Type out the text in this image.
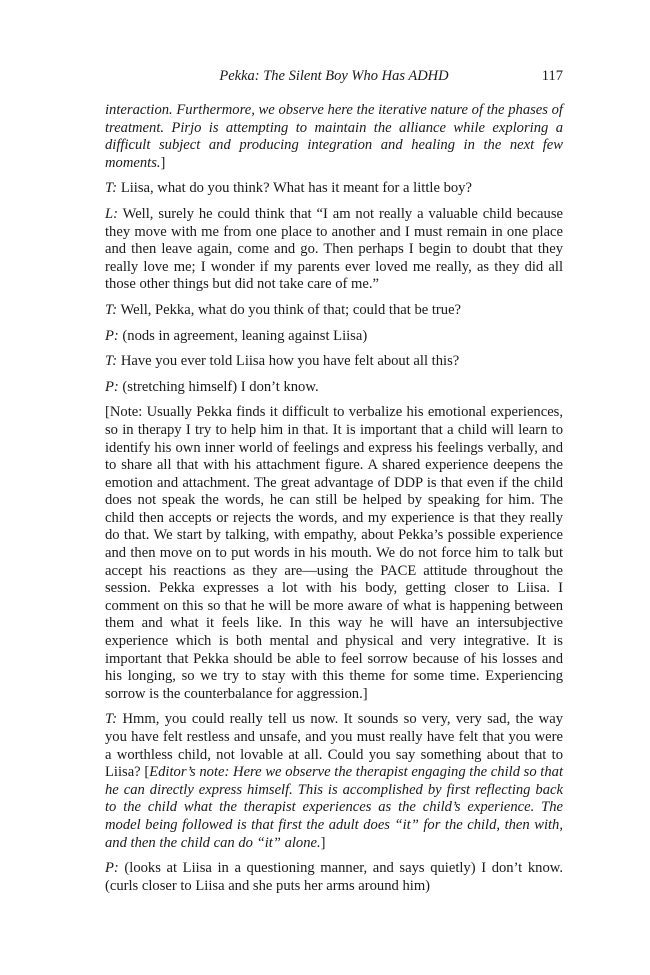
Pekka: The Silent Boy Who Has ADHD	117

interaction. Furthermore, we observe here the iterative nature of the phases of treatment. Pirjo is attempting to maintain the alliance while exploring a difficult subject and producing integration and healing in the next few moments.]

T: Liisa, what do you think? What has it meant for a little boy?

L: Well, surely he could think that “I am not really a valuable child because they move with me from one place to another and I must remain in one place and then leave again, come and go. Then perhaps I begin to doubt that they really love me; I wonder if my parents ever loved me really, as they did all those other things but did not take care of me.”

T: Well, Pekka, what do you think of that; could that be true?

P: (nods in agreement, leaning against Liisa)

T: Have you ever told Liisa how you have felt about all this?

P: (stretching himself) I don’t know.

[Note: Usually Pekka finds it difficult to verbalize his emotional experiences, so in therapy I try to help him in that. It is important that a child will learn to identify his own inner world of feelings and express his feelings verbally, and to share all that with his attachment figure. A shared experience deepens the emotion and attachment. The great advantage of DDP is that even if the child does not speak the words, he can still be helped by speaking for him. The child then accepts or rejects the words, and my experience is that they really do that. We start by talking, with empathy, about Pekka’s possible experience and then move on to put words in his mouth. We do not force him to talk but accept his reactions as they are—using the PACE attitude throughout the session. Pekka expresses a lot with his body, getting closer to Liisa. I comment on this so that he will be more aware of what is happening between them and what it feels like. In this way he will have an intersubjective experience which is both mental and physical and very integrative. It is important that Pekka should be able to feel sorrow because of his losses and his longing, so we try to stay with this theme for some time. Experiencing sorrow is the counterbalance for aggression.]

T: Hmm, you could really tell us now. It sounds so very, very sad, the way you have felt restless and unsafe, and you must really have felt that you were a worthless child, not lovable at all. Could you say something about that to Liisa? [Editor’s note: Here we observe the therapist engaging the child so that he can directly express himself. This is accomplished by first reflecting back to the child what the therapist experiences as the child’s experience. The model being followed is that first the adult does “it” for the child, then with, and then the child can do “it” alone.]

P: (looks at Liisa in a questioning manner, and says quietly) I don’t know. (curls closer to Liisa and she puts her arms around him)
